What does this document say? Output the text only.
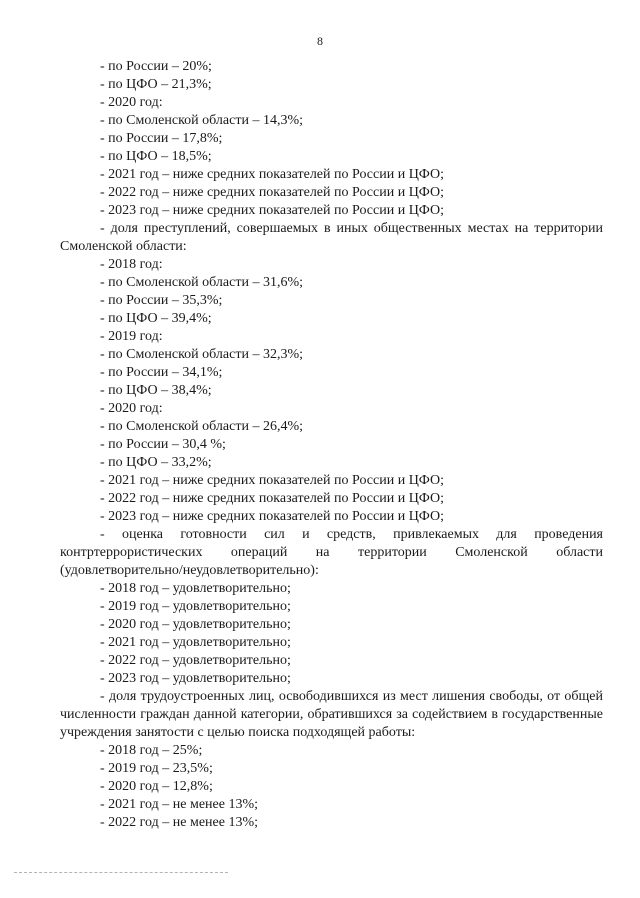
8
- по России – 20%;
- по ЦФО – 21,3%;
- 2020 год:
- по Смоленской области – 14,3%;
- по России – 17,8%;
- по ЦФО – 18,5%;
- 2021 год – ниже средних показателей по России и ЦФО;
- 2022 год – ниже средних показателей по России и ЦФО;
- 2023 год – ниже средних показателей по России и ЦФО;
- доля преступлений, совершаемых в иных общественных местах на территории Смоленской области:
- 2018 год:
- по Смоленской области – 31,6%;
- по России – 35,3%;
- по ЦФО – 39,4%;
- 2019 год:
- по Смоленской области – 32,3%;
- по России – 34,1%;
- по ЦФО – 38,4%;
- 2020 год:
- по Смоленской области – 26,4%;
- по России – 30,4 %;
- по ЦФО – 33,2%;
- 2021 год – ниже средних показателей по России и ЦФО;
- 2022 год – ниже средних показателей по России и ЦФО;
- 2023 год – ниже средних показателей по России и ЦФО;
- оценка готовности сил и средств, привлекаемых для проведения контртеррористических операций на территории Смоленской области (удовлетворительно/неудовлетворительно):
- 2018 год – удовлетворительно;
- 2019 год – удовлетворительно;
- 2020 год – удовлетворительно;
- 2021 год – удовлетворительно;
- 2022 год – удовлетворительно;
- 2023 год – удовлетворительно;
- доля трудоустроенных лиц, освободившихся из мест лишения свободы, от общей численности граждан данной категории, обратившихся за содействием в государственные учреждения занятости с целью поиска подходящей работы:
- 2018 год – 25%;
- 2019 год – 23,5%;
- 2020 год – 12,8%;
- 2021 год – не менее 13%;
- 2022 год – не менее 13%;
